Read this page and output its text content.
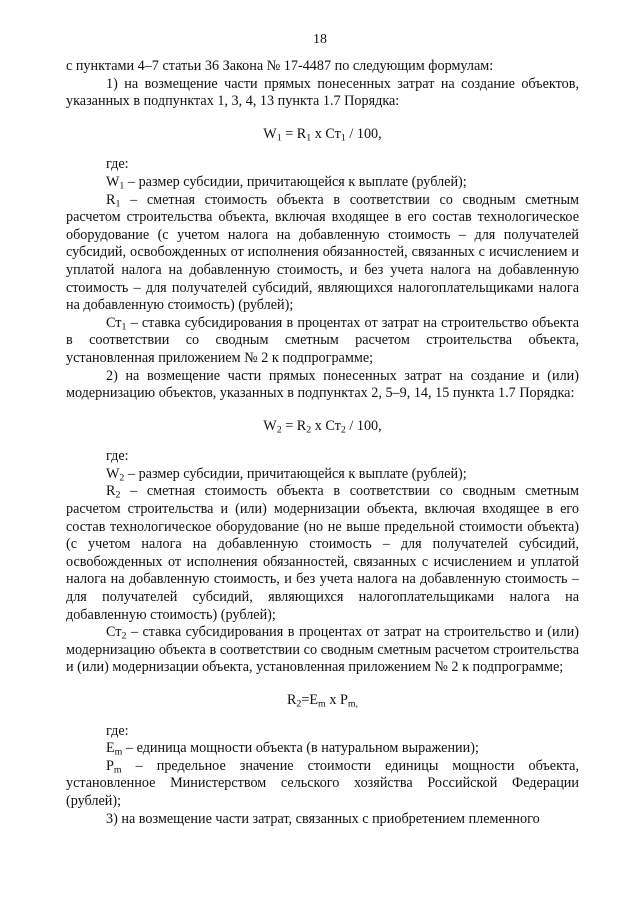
18

с пунктами 4–7 статьи 36 Закона № 17-4487 по следующим формулам:

1) на возмещение части прямых понесенных затрат на создание объектов, указанных в подпунктах 1, 3, 4, 13 пункта 1.7 Порядка:

$W_1 = R_1$ х $Ст_1 / 100$,

где:

$W_1$ – размер субсидии, причитающейся к выплате (рублей);

$R_1$ – сметная стоимость объекта в соответствии со сводным сметным расчетом строительства объекта, включая входящее в его состав технологическое оборудование (с учетом налога на добавленную стоимость – для получателей субсидий, освобожденных от исполнения обязанностей, связанных с исчислением и уплатой налога на добавленную стоимость, и без учета налога на добавленную стоимость – для получателей субсидий, являющихся налогоплательщиками налога на добавленную стоимость) (рублей);

$Ст_1$ – ставка субсидирования в процентах от затрат на строительство объекта в соответствии со сводным сметным расчетом строительства объекта, установленная приложением № 2 к подпрограмме;

2) на возмещение части прямых понесенных затрат на создание и (или) модернизацию объектов, указанных в подпунктах 2, 5–9, 14, 15 пункта 1.7 Порядка:

$W_2 = R_2$ х $Ст_2 / 100$,

где:

$W_2$ – размер субсидии, причитающейся к выплате (рублей);

$R_2$ – сметная стоимость объекта в соответствии со сводным сметным расчетом строительства и (или) модернизации объекта, включая входящее в его состав технологическое оборудование (но не выше предельной стоимости объекта) (с учетом налога на добавленную стоимость – для получателей субсидий, освобожденных от исполнения обязанностей, связанных с исчислением и уплатой налога на добавленную стоимость, и без учета налога на добавленную стоимость – для получателей субсидий, являющихся налогоплательщиками налога на добавленную стоимость) (рублей);

$Ст_2$ – ставка субсидирования в процентах от затрат на строительство и (или) модернизацию объекта в соответствии со сводным сметным расчетом строительства и (или) модернизации объекта, установленная приложением № 2 к подпрограмме;

$R_2=E_m$ х $P_{m,}$

где:

$E_m$ – единица мощности объекта (в натуральном выражении);

$P_m$ – предельное значение стоимости единицы мощности объекта, установленное Министерством сельского хозяйства Российской Федерации (рублей);

3) на возмещение части затрат, связанных с приобретением племенного
